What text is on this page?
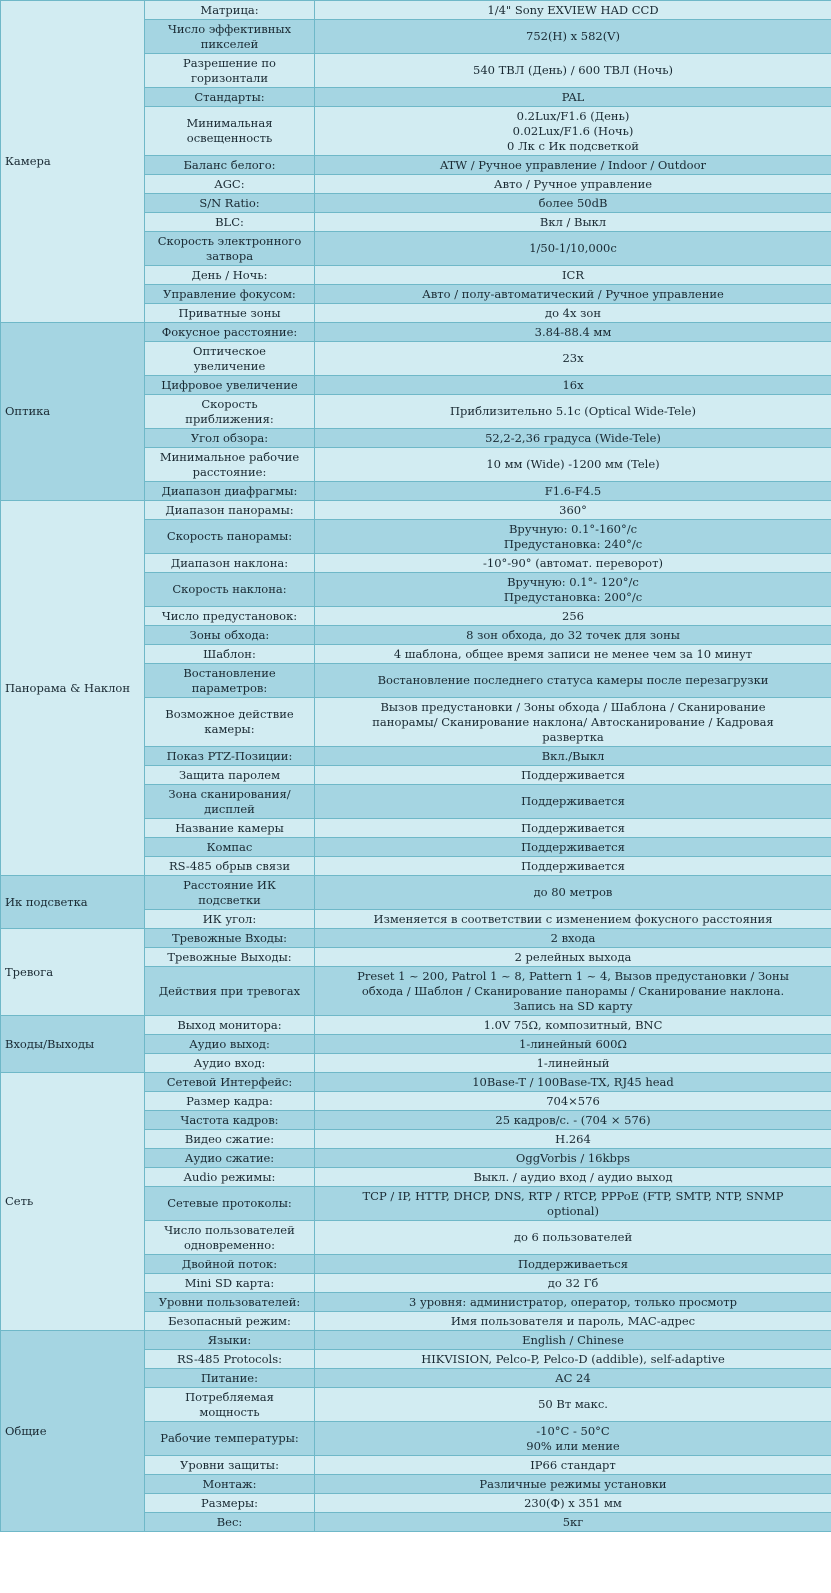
Камера	Матрица:	1/4" Sony EXVIEW HAD CCD

	Число эффективных
пикселей	752(H) x 582(V)

	Разрешение по
горизонтали	540 ТВЛ (День) / 600 ТВЛ (Ночь)

	Стандарты:	PAL

	Минимальная
освещенность	0.2Lux/F1.6 (День)
0.02Lux/F1.6 (Ночь)
0 Лк с Ик подсветкой

	Баланс белого:	ATW / Ручное управление / Indoor / Outdoor

	AGC:	Авто / Ручное управление

	S/N Ratio:	более 50dB

	BLC:	Вкл / Выкл

	Скорость электронного
затвора	1/50-1/10,000с

	День / Ночь:	ICR

	Управление фокусом:	Авто / полу-автоматический / Ручное управление

	Приватные зоны	до 4х зон

Оптика	Фокусное расстояние:	3.84-88.4 мм

	Оптическое
увеличение	23x

	Цифровое увеличение	16x

	Скорость
приближения:	Приблизительно 5.1с (Optical Wide-Tele)

	Угол обзора:	52,2-2,36 градуса (Wide-Tele)

	Минимальное рабочие
расстояние:	10 мм (Wide) -1200 мм (Tele)

	Диапазон диафрагмы:	F1.6-F4.5

Панорама & Наклон	Диапазон панорамы:	360°

	Скорость панорамы:	Вручную: 0.1°-160°/c
Предустановка: 240°/c

	Диапазон наклона:	-10°-90° (автомат. переворот)

	Скорость наклона:	Вручную: 0.1°- 120°/c
Предустановка: 200°/c

	Число предустановок:	256

	Зоны обхода:	8 зон обхода, до 32 точек для зоны

	Шаблон:	4 шаблона, общее время записи не менее чем за 10 минут

	Востановление
параметров:	Востановление последнего статуса камеры после перезагрузки

	Возможное действие
камеры:	Вызов предустановки / Зоны обхода / Шаблона / Сканирование
панорамы/ Сканирование наклона/ Автосканирование / Кадровая
развертка

	Показ PTZ-Позиции:	Вкл./Выкл

	Защита паролем	Поддерживается

	Зона сканирования/
дисплей	Поддерживается

	Название камеры	Поддерживается

	Компас	Поддерживается

	RS-485 обрыв связи	Поддерживается

Ик подсветка	Расстояние ИК
подсветки	до 80 метров

	ИК угол:	Изменяется в соответствии с изменением фокусного расстояния

Тревога	Тревожные Входы:	2 входа

	Тревожные Выходы:	2 релейных выхода

	Действия при тревогах	Preset 1 ~ 200, Patrol 1 ~ 8, Pattern 1 ~ 4, Вызов предустановки / Зоны
обхода / Шаблон / Сканирование панорамы / Сканирование наклона.
Запись на SD карту

Входы/Выходы	Выход монитора:	1.0V 75Ω, композитный, BNC

	Аудио выход:	1-линейный 600Ω

	Аудио вход:	1-линейный

Сеть	Сетевой Интерфейс:	10Base-T / 100Base-TX, RJ45 head

	Размер кадра:	704×576

	Частота кадров:	25 кадров/с. - (704 × 576)

	Видео сжатие:	H.264

	Аудио сжатие:	OggVorbis / 16kbps

	Audio режимы:	Выкл. / аудио вход / аудио выход

	Сетевые протоколы:	TCP / IP, HTTP, DHCP, DNS, RTP / RTCP, PPPoE (FTP, SMTP, NTP, SNMP
optional)

	Число пользователей
одновременно:	до 6 пользователей

	Двойной поток:	Поддерживаеться

	Mini SD карта:	до 32 Гб

	Уровни пользователей:	3 уровня: администратор, оператор, только просмотр

	Безопасный режим:	Имя пользователя и пароль, MAC-адрес

Общие	Языки:	English / Chinese

	RS-485 Protocols:	HIKVISION, Pelco-P, Pelco-D (addible), self-adaptive

	Питание:	AC 24

	Потребляемая
мощность	50 Вт макс.

	Рабочие температуры:	-10°C - 50°C
90% или мение

	Уровни защиты:	IP66 стандарт

	Монтаж:	Различные режимы установки

	Размеры:	230(Ф) x 351 мм

	Вес:	5кг
